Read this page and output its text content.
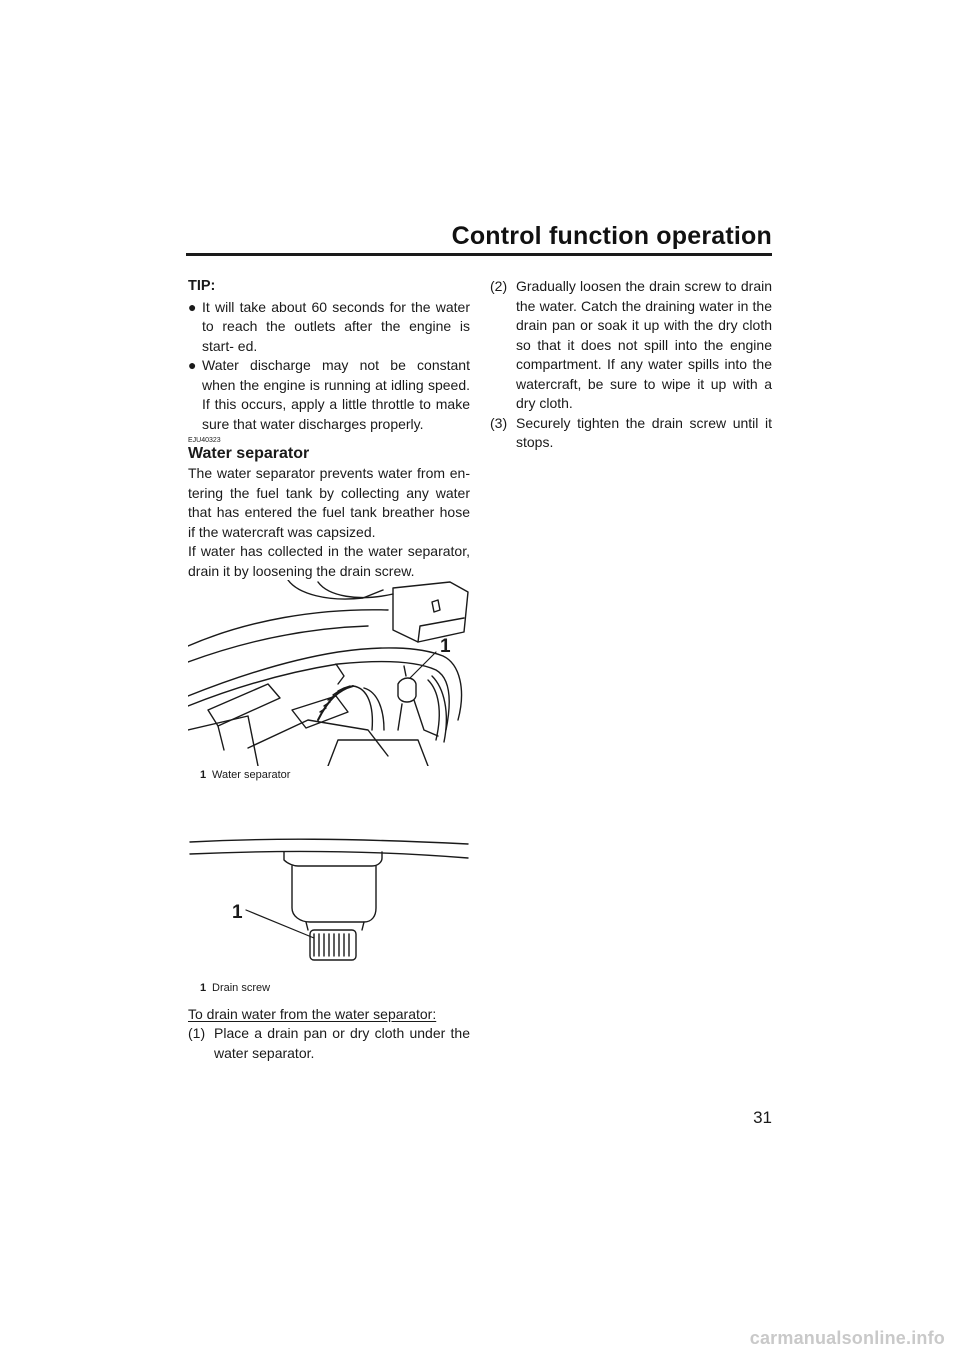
Control function operation
TIP:
● It will take about 60 seconds for the water to reach the outlets after the engine is start- ed.
● Water discharge may not be constant when the engine is running at idling speed. If this occurs, apply a little throttle to make sure that water discharges properly.
EJU40323
Water separator
The water separator prevents water from en- tering the fuel tank by collecting any water that has entered the fuel tank breather hose if the watercraft was capsized.
If water has collected in the water separator, drain it by loosening the drain screw.
1
1 Water separator
1
1 Drain screw
To drain water from the water separator:
(1) Place a drain pan or dry cloth under the water separator.
(2) Gradually loosen the drain screw to drain the water. Catch the draining water in the drain pan or soak it up with the dry cloth so that it does not spill into the engine compartment. If any water spills into the watercraft, be sure to wipe it up with a dry cloth.
(3) Securely tighten the drain screw until it stops.
31
carmanualsonline.info
